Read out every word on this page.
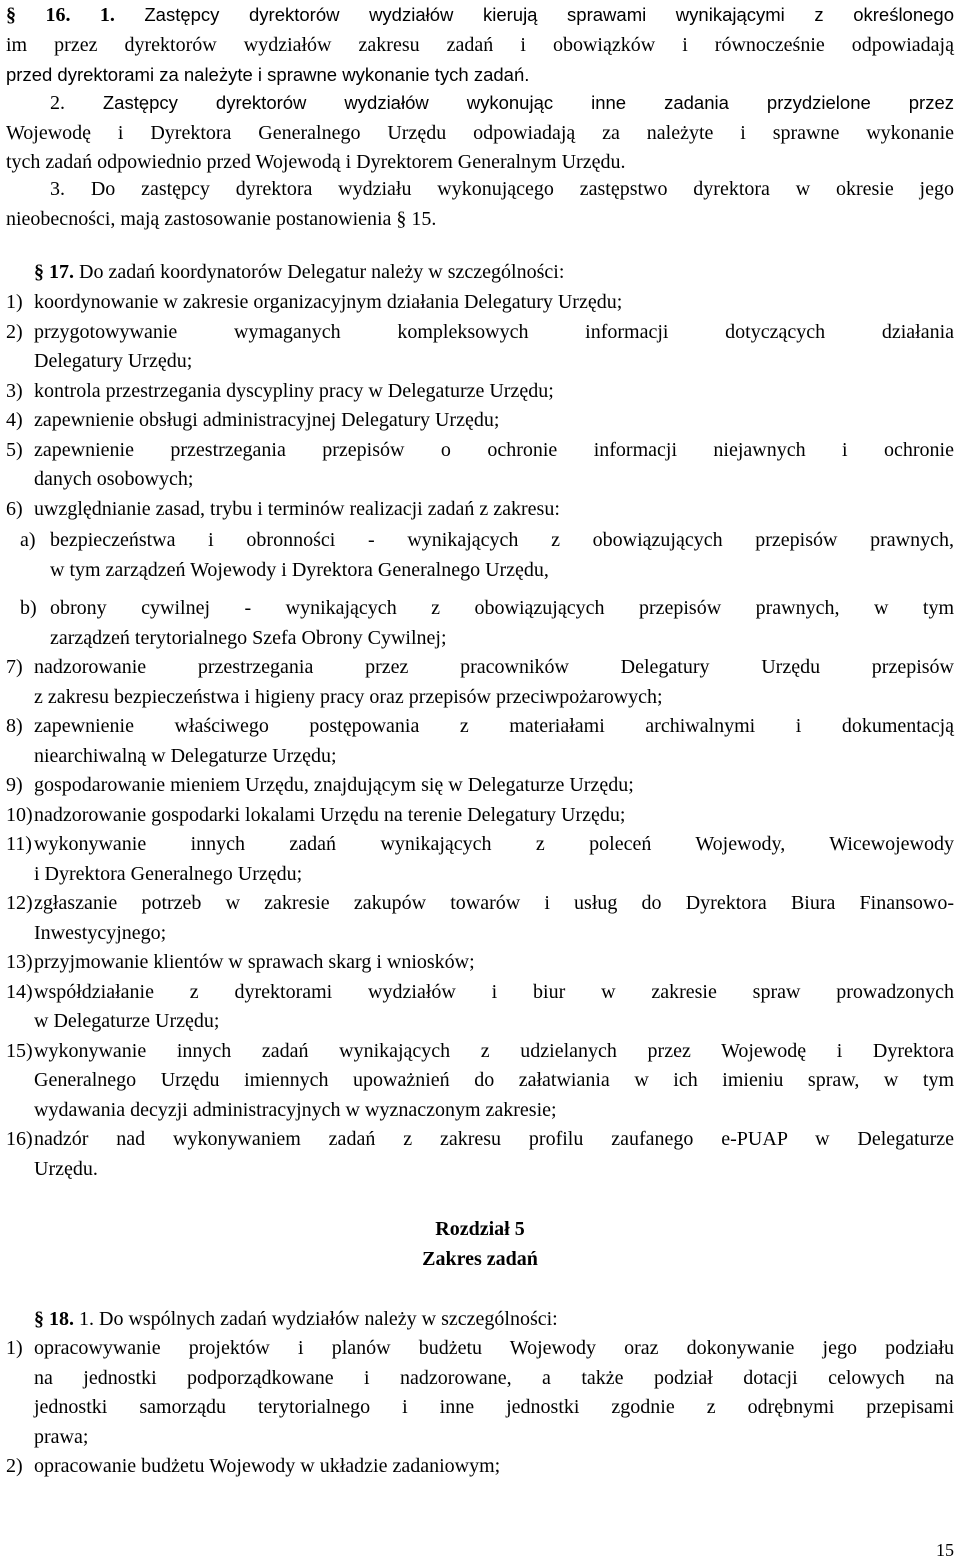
§ 16. 1. Zastępcy dyrektorów wydziałów kierują sprawami wynikającymi z określonego
im przez dyrektorów wydziałów zakresu zadań i obowiązków i równocześnie odpowiadają
przed dyrektorami za należyte i sprawne wykonanie tych zadań.
2. Zastępcy dyrektorów wydziałów wykonując inne zadania przydzielone przez
Wojewodę i Dyrektora Generalnego Urzędu odpowiadają za należyte i sprawne wykonanie
tych zadań odpowiednio przed Wojewodą i Dyrektorem Generalnym Urzędu.
3. Do zastępcy dyrektora wydziału wykonującego zastępstwo dyrektora w okresie jego
nieobecności, mają zastosowanie postanowienia § 15.
§ 17. Do zadań koordynatorów Delegatur należy w szczególności:
1) koordynowanie w zakresie organizacyjnym działania Delegatury Urzędu;
2) przygotowywanie wymaganych kompleksowych informacji dotyczących działania
Delegatury Urzędu;
3) kontrola przestrzegania dyscypliny pracy w Delegaturze Urzędu;
4) zapewnienie obsługi administracyjnej Delegatury Urzędu;
5) zapewnienie przestrzegania przepisów o ochronie informacji niejawnych i ochronie
danych osobowych;
6) uwzględnianie zasad, trybu i terminów realizacji zadań z zakresu:
a) bezpieczeństwa i obronności - wynikających z obowiązujących przepisów prawnych,
w tym zarządzeń Wojewody i Dyrektora Generalnego Urzędu,
b) obrony cywilnej - wynikających z obowiązujących przepisów prawnych, w tym
zarządzeń terytorialnego Szefa Obrony Cywilnej;
7) nadzorowanie przestrzegania przez pracowników Delegatury Urzędu przepisów
z zakresu bezpieczeństwa i higieny pracy oraz przepisów przeciwpożarowych;
8) zapewnienie właściwego postępowania z materiałami archiwalnymi i dokumentacją
niearchiwalną w Delegaturze Urzędu;
9) gospodarowanie mieniem Urzędu, znajdującym się w Delegaturze Urzędu;
10) nadzorowanie gospodarki lokalami Urzędu na terenie Delegatury Urzędu;
11) wykonywanie innych zadań wynikających z poleceń Wojewody, Wicewojewody
i Dyrektora Generalnego Urzędu;
12) zgłaszanie potrzeb w zakresie zakupów towarów i usług do Dyrektora Biura Finansowo-
Inwestycyjnego;
13) przyjmowanie klientów w sprawach skarg i wniosków;
14) współdziałanie z dyrektorami wydziałów i biur w zakresie spraw prowadzonych
w Delegaturze Urzędu;
15) wykonywanie innych zadań wynikających z udzielanych przez Wojewodę i Dyrektora
Generalnego Urzędu imiennych upoważnień do załatwiania w ich imieniu spraw, w tym
wydawania decyzji administracyjnych w wyznaczonym zakresie;
16) nadzór nad wykonywaniem zadań z zakresu profilu zaufanego e-PUAP w Delegaturze
Urzędu.
Rozdział 5
Zakres zadań
§ 18. 1. Do wspólnych zadań wydziałów należy w szczególności:
1) opracowywanie projektów i planów budżetu Wojewody oraz dokonywanie jego podziału
na jednostki podporządkowane i nadzorowane, a także podział dotacji celowych na
jednostki samorządu terytorialnego i inne jednostki zgodnie z odrębnymi przepisami
prawa;
2) opracowanie budżetu Wojewody w układzie zadaniowym;
15
